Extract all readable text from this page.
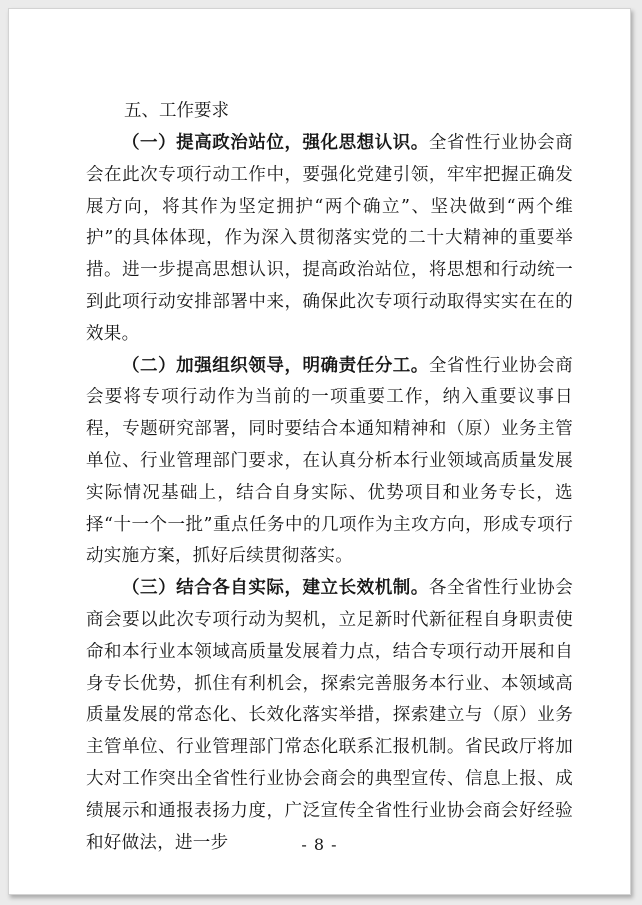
五、工作要求

（一）提高政治站位，强化思想认识。全省性行业协会商会在此次专项行动工作中，要强化党建引领，牢牢把握正确发展方向，将其作为坚定拥护“两个确立”、坚决做到“两个维护”的具体体现，作为深入贯彻落实党的二十大精神的重要举措。进一步提高思想认识，提高政治站位，将思想和行动统一到此项行动安排部署中来，确保此次专项行动取得实实在在的效果。

（二）加强组织领导，明确责任分工。全省性行业协会商会要将专项行动作为当前的一项重要工作，纳入重要议事日程，专题研究部署，同时要结合本通知精神和（原）业务主管单位、行业管理部门要求，在认真分析本行业领域高质量发展实际情况基础上，结合自身实际、优势项目和业务专长，选择“十一个一批”重点任务中的几项作为主攻方向，形成专项行动实施方案，抓好后续贯彻落实。

（三）结合各自实际，建立长效机制。各全省性行业协会商会要以此次专项行动为契机，立足新时代新征程自身职责使命和本行业本领域高质量发展着力点，结合专项行动开展和自身专长优势，抓住有利机会，探索完善服务本行业、本领域高质量发展的常态化、长效化落实举措，探索建立与（原）业务主管单位、行业管理部门常态化联系汇报机制。省民政厅将加大对工作突出全省性行业协会商会的典型宣传、信息上报、成绩展示和通报表扬力度，广泛宣传全省性行业协会商会好经验和好做法，进一步	- 8 -
